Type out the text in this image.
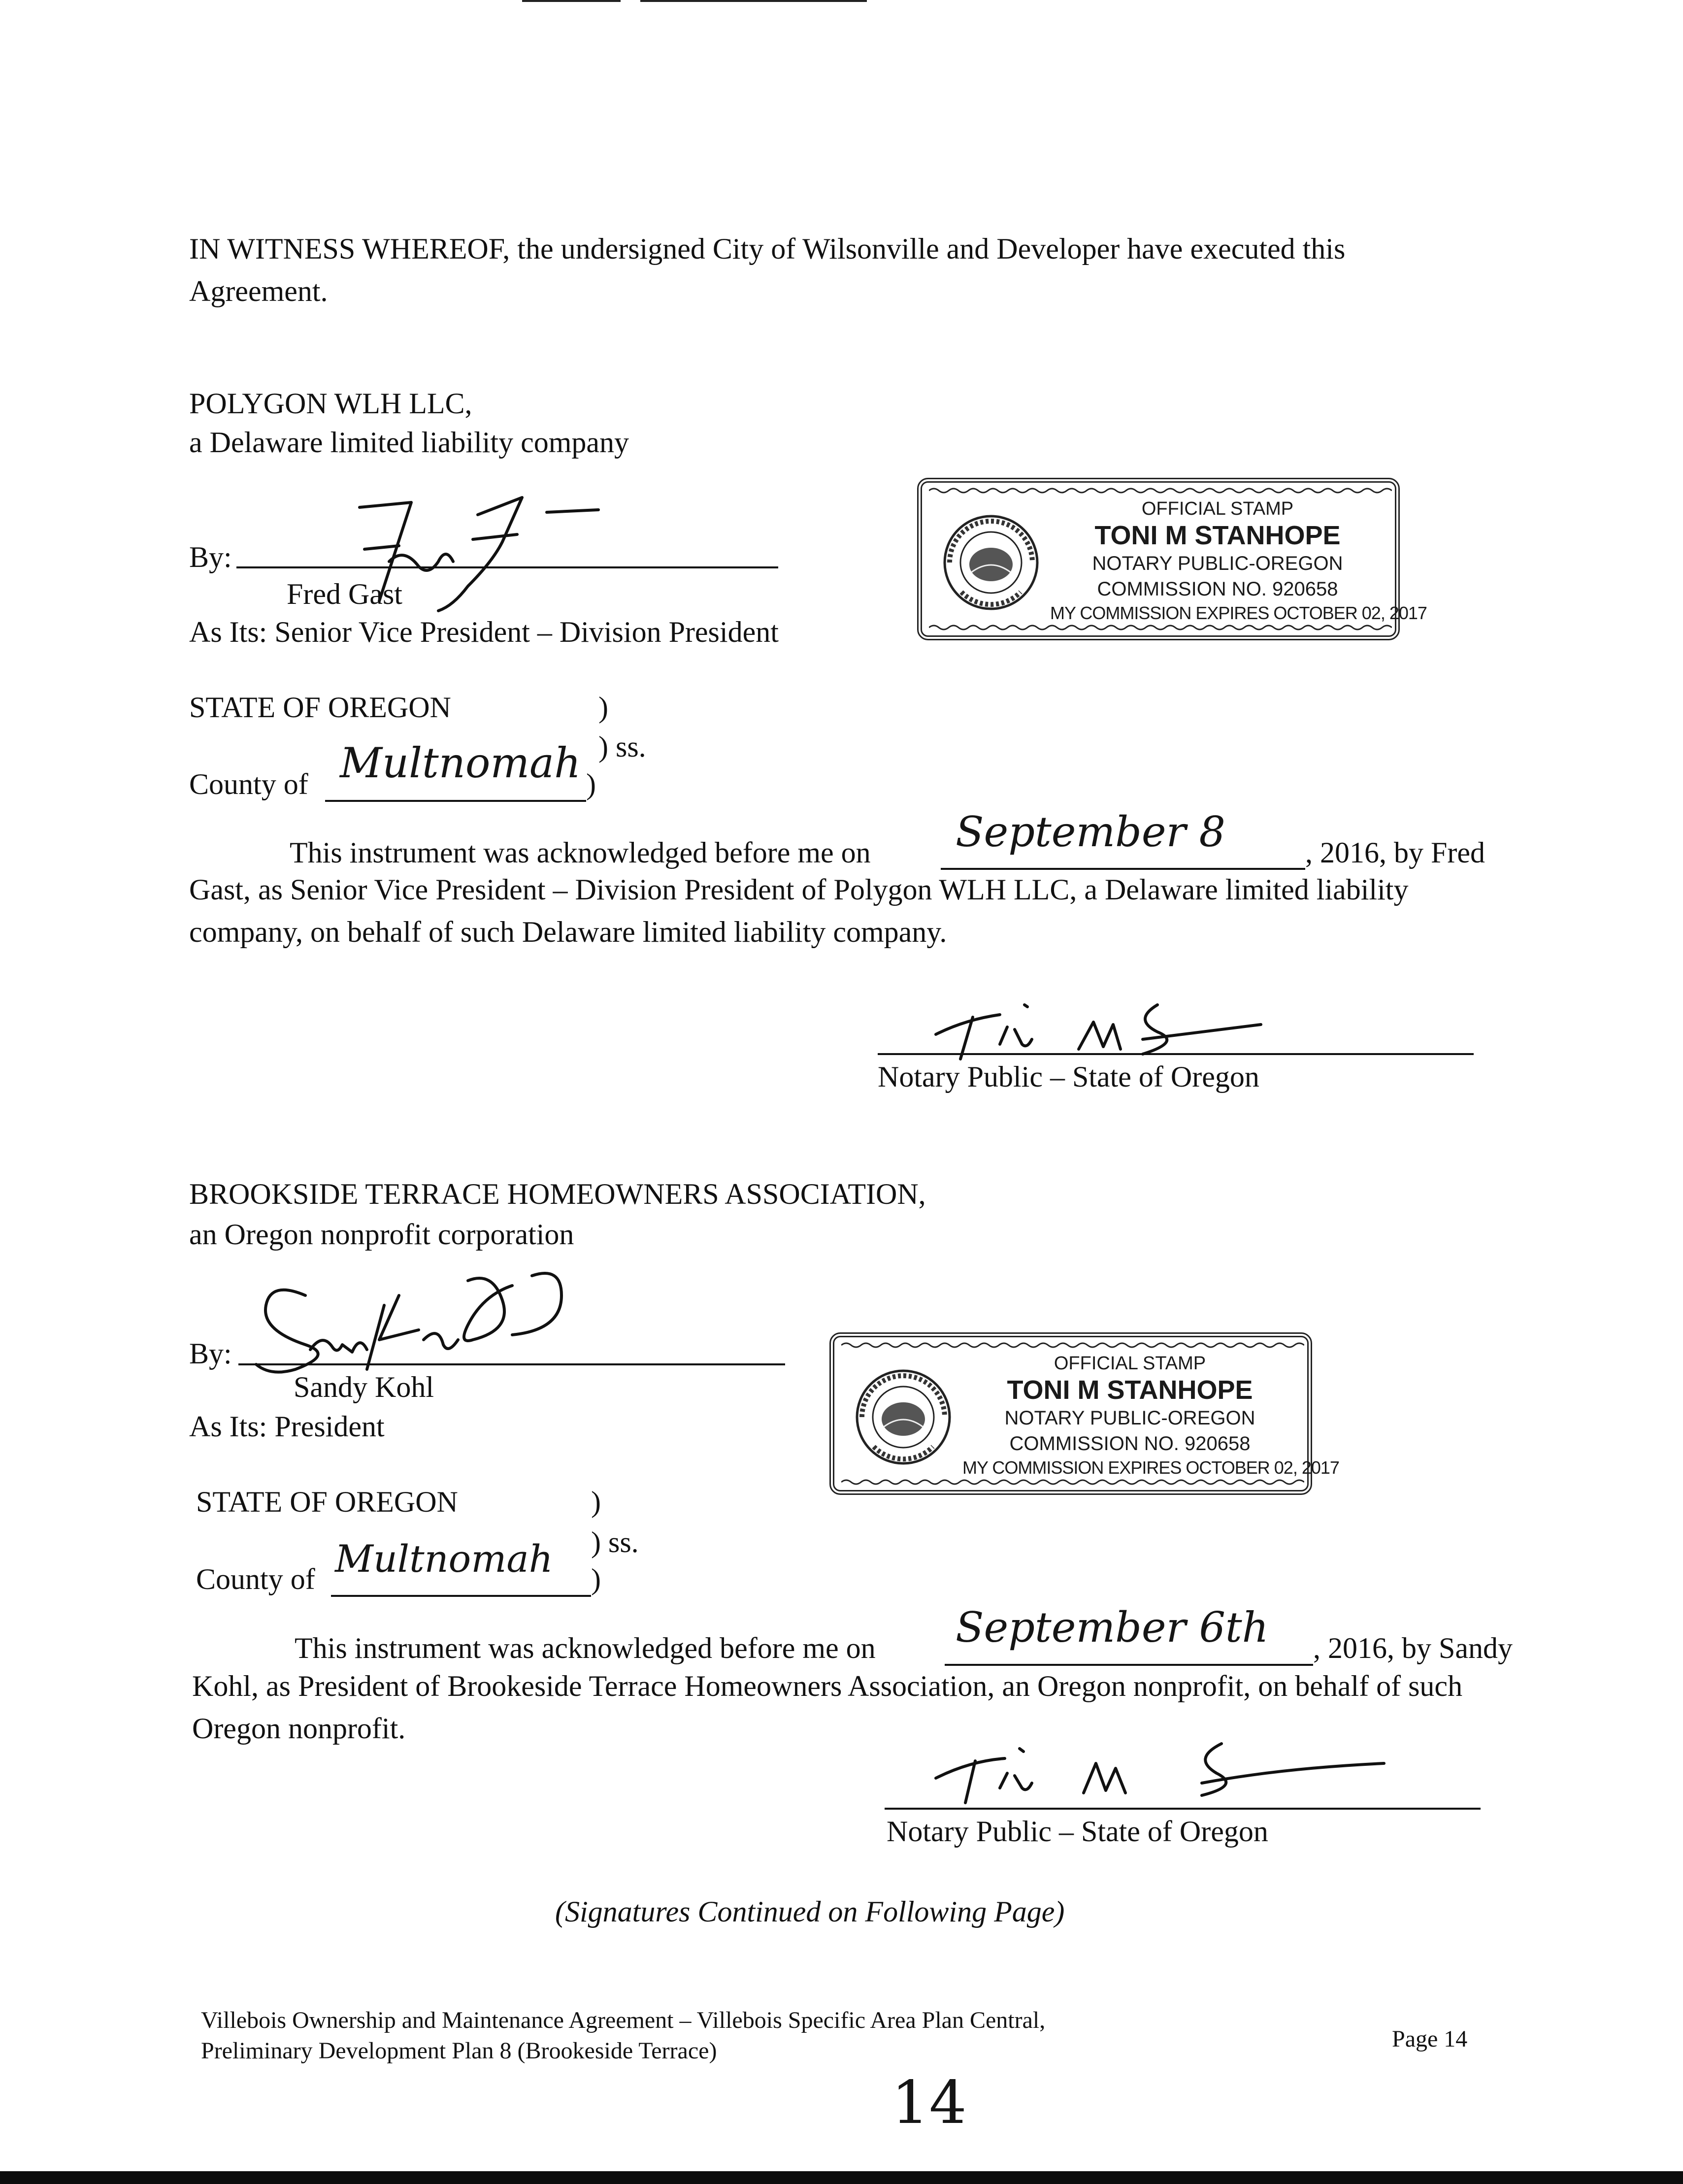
IN WITNESS WHEREOF, the undersigned City of Wilsonville and Developer have executed this Agreement.
POLYGON WLH LLC,
a Delaware limited liability company
By:
Fred Gast
As Its: Senior Vice President – Division President
OFFICIAL STAMP
TONI M STANHOPE
NOTARY PUBLIC-OREGON
COMMISSION NO. 920658
MY COMMISSION EXPIRES OCTOBER 02, 2017
STATE OF OREGON	)
) ss.
County of Multnomah )
This instrument was acknowledged before me on September 8	, 2016, by Fred
Gast, as Senior Vice President – Division President of Polygon WLH LLC, a Delaware limited liability company, on behalf of such Delaware limited liability company.
Notary Public – State of Oregon
BROOKSIDE TERRACE HOMEOWNERS ASSOCIATION,
an Oregon nonprofit corporation
By:
Sandy Kohl
As Its: President
OFFICIAL STAMP
TONI M STANHOPE
NOTARY PUBLIC-OREGON
COMMISSION NO. 920658
MY COMMISSION EXPIRES OCTOBER 02, 2017
STATE OF OREGON	)
) ss.
County of Multnomah )
This instrument was acknowledged before me on September 6th , 2016, by Sandy
Kohl, as President of Brookeside Terrace Homeowners Association, an Oregon nonprofit, on behalf of such Oregon nonprofit.
Notary Public – State of Oregon
(Signatures Continued on Following Page)
Villebois Ownership and Maintenance Agreement – Villebois Specific Area Plan Central,
Preliminary Development Plan 8 (Brookeside Terrace)	Page 14
14
